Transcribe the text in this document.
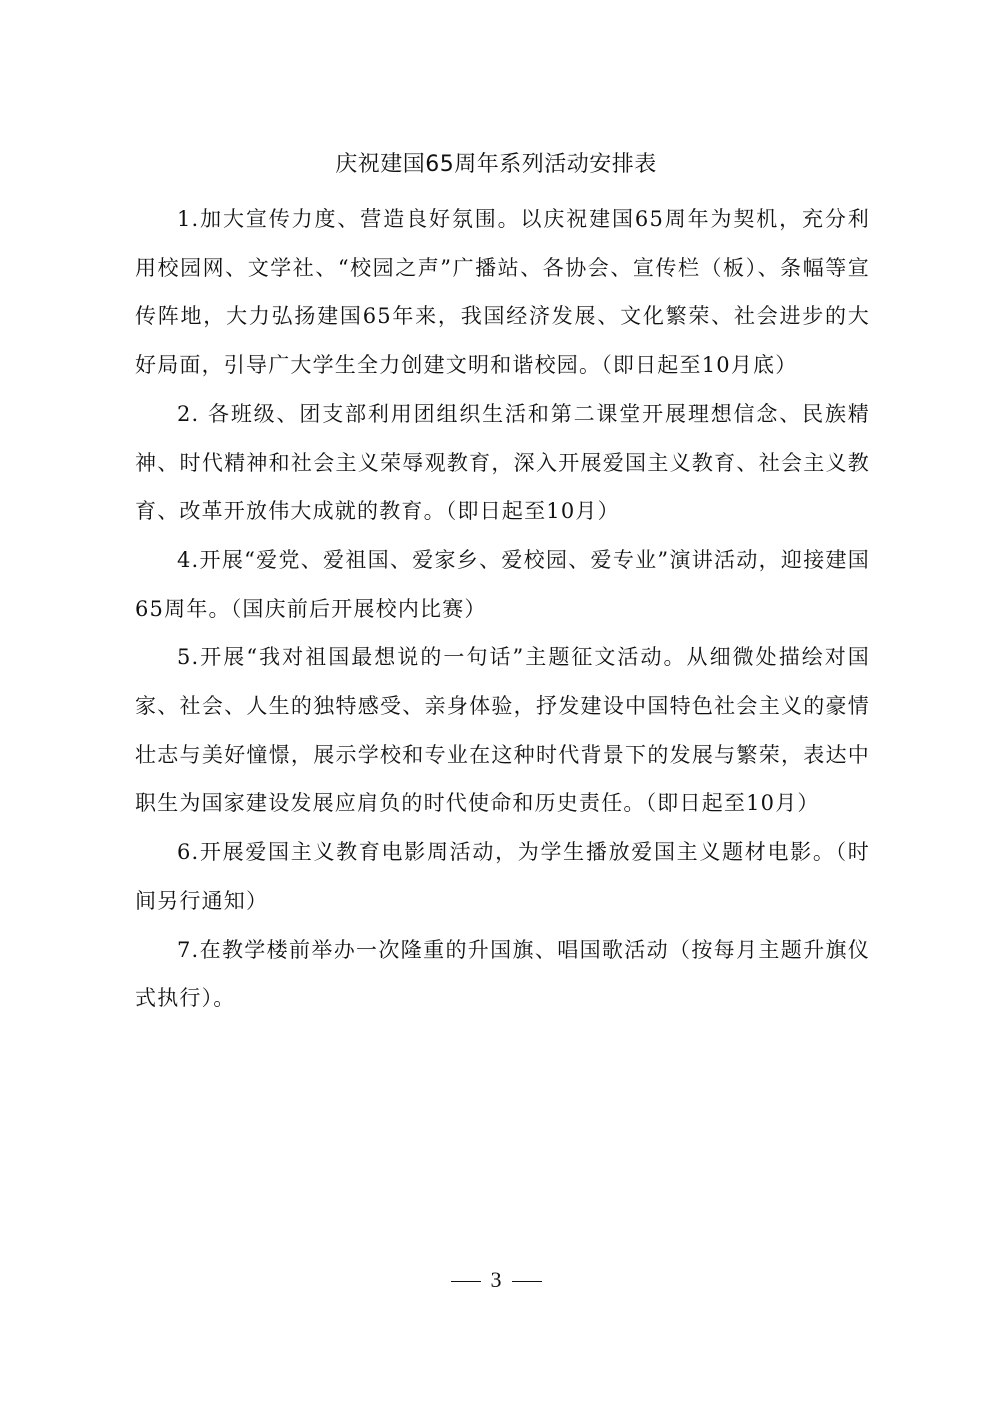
庆祝建国65周年系列活动安排表

1.加大宣传力度、营造良好氛围。以庆祝建国65周年为契机，充分利用校园网、文学社、“校园之声”广播站、各协会、宣传栏（板）、条幅等宣传阵地，大力弘扬建国65年来，我国经济发展、文化繁荣、社会进步的大好局面，引导广大学生全力创建文明和谐校园。（即日起至10月底）

2. 各班级、团支部利用团组织生活和第二课堂开展理想信念、民族精神、时代精神和社会主义荣辱观教育，深入开展爱国主义教育、社会主义教育、改革开放伟大成就的教育。（即日起至10月）

4.开展“爱党、爱祖国、爱家乡、爱校园、爱专业”演讲活动，迎接建国65周年。（国庆前后开展校内比赛）

5.开展“我对祖国最想说的一句话”主题征文活动。从细微处描绘对国家、社会、人生的独特感受、亲身体验，抒发建设中国特色社会主义的豪情壮志与美好憧憬，展示学校和专业在这种时代背景下的发展与繁荣，表达中职生为国家建设发展应肩负的时代使命和历史责任。（即日起至10月）

6.开展爱国主义教育电影周活动，为学生播放爱国主义题材电影。（时间另行通知）

7.在教学楼前举办一次隆重的升国旗、唱国歌活动（按每月主题升旗仪式执行）。

3
